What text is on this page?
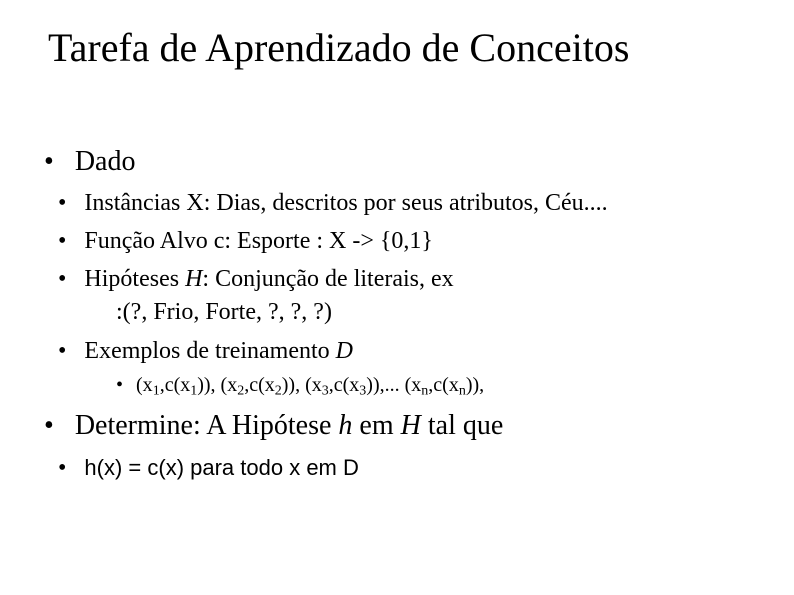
Tarefa de Aprendizado de Conceitos
• Dado
• Instâncias X: Dias, descritos por seus atributos, Céu....
• Função Alvo c: Esporte : X -> {0,1}
• Hipóteses H: Conjunção de literais, ex
:(?, Frio, Forte, ?, ?, ?)
• Exemplos de treinamento D
• $(x_1,c(x_1))$, $(x_2,c(x_2))$, $(x_3,c(x_3))$,... $(x_n,c(x_n))$,
• Determine: A Hipótese h em H tal que
• h(x) = c(x) para todo x em D
